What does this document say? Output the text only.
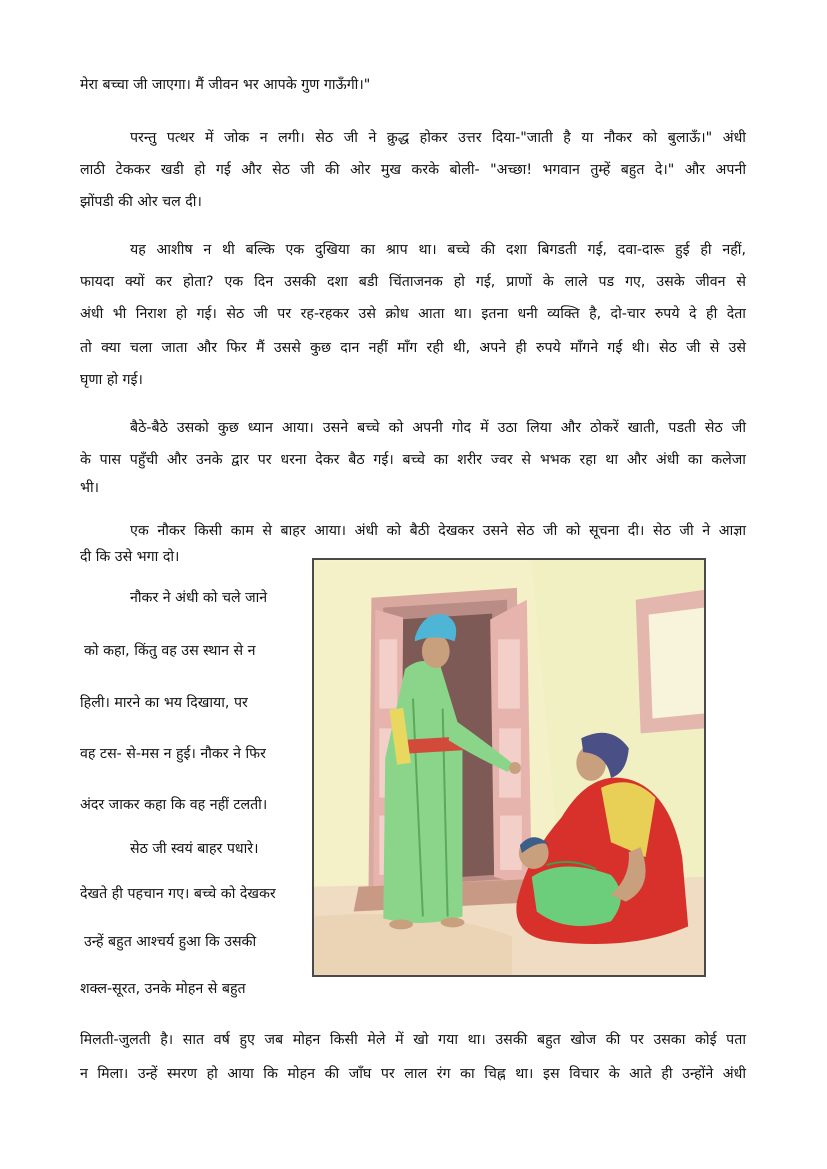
मेरा बच्चा जी जाएगा। मैं जीवन भर आपके गुण गाऊँगी।"
परन्तु पत्थर में जोक न लगी। सेठ जी ने क्रुद्ध होकर उत्तर दिया-"जाती है या नौकर को बुलाऊँ।" अंधी
लाठी टेककर खडी हो गई और सेठ जी की ओर मुख करके बोली- "अच्छा! भगवान तुम्हें बहुत दे।" और अपनी
झोंपडी की ओर चल दी।
यह आशीष न थी बल्कि एक दुखिया का श्राप था। बच्चे की दशा बिगडती गई, दवा-दारू हुई ही नहीं,
फायदा क्यों कर होता? एक दिन उसकी दशा बडी चिंताजनक हो गई, प्राणों के लाले पड गए, उसके जीवन से
अंधी भी निराश हो गई। सेठ जी पर रह-रहकर उसे क्रोध आता था। इतना धनी व्यक्ति है, दो-चार रुपये दे ही देता
तो क्या चला जाता और फिर मैं उससे कुछ दान नहीं माँग रही थी, अपने ही रुपये माँगने गई थी। सेठ जी से उसे
घृणा हो गई।
बैठे-बैठे उसको कुछ ध्यान आया। उसने बच्चे को अपनी गोद में उठा लिया और ठोकरें खाती, पडती सेठ जी
के पास पहुँची और उनके द्वार पर धरना देकर बैठ गई। बच्चे का शरीर ज्वर से भभक रहा था और अंधी का कलेजा
भी।
एक नौकर किसी काम से बाहर आया। अंधी को बैठी देखकर उसने सेठ जी को सूचना दी। सेठ जी ने आज्ञा
दी कि उसे भगा दो।
नौकर ने अंधी को चले जाने
को कहा, किंतु वह उस स्थान से न
हिली। मारने का भय दिखाया, पर
वह टस- से-मस न हुई। नौकर ने फिर
अंदर जाकर कहा कि वह नहीं टलती।
सेठ जी स्वयं बाहर पधारे।
देखते ही पहचान गए। बच्चे को देखकर
उन्हें बहुत आश्चर्य हुआ कि उसकी
शक्ल-सूरत, उनके मोहन से बहुत
मिलती-जुलती है। सात वर्ष हुए जब मोहन किसी मेले में खो गया था। उसकी बहुत खोज की पर उसका कोई पता
न मिला। उन्हें स्मरण हो आया कि मोहन की जाँघ पर लाल रंग का चिह्न था। इस विचार के आते ही उन्होंने अंधी
